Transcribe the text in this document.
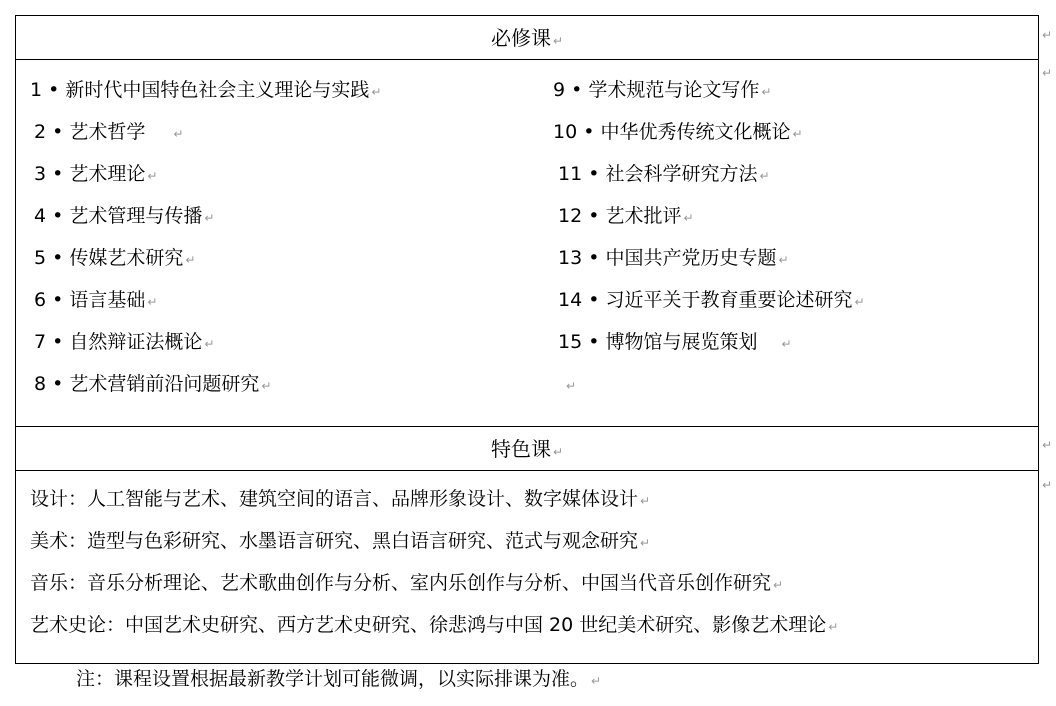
必修课 ↵
1 • 新时代中国特色社会主义理论与实践 ↵
2 • 艺术哲学 ↵
3 • 艺术理论 ↵
4 • 艺术管理与传播 ↵
5 • 传媒艺术研究 ↵
6 • 语言基础 ↵
7 • 自然辩证法概论 ↵
8 • 艺术营销前沿问题研究 ↵
9 • 学术规范与论文写作 ↵
10 • 中华优秀传统文化概论 ↵
11 • 社会科学研究方法 ↵
12 • 艺术批评 ↵
13 • 中国共产党历史专题 ↵
14 • 习近平关于教育重要论述研究 ↵
15 • 博物馆与展览策划 ↵
↵
特色课 ↵
设计：人工智能与艺术、建筑空间的语言、品牌形象设计、数字媒体设计 ↵
美术：造型与色彩研究、水墨语言研究、黑白语言研究、范式与观念研究 ↵
音乐：音乐分析理论、艺术歌曲创作与分析、室内乐创作与分析、中国当代音乐创作研究 ↵
艺术史论：中国艺术史研究、西方艺术史研究、徐悲鸿与中国 20 世纪美术研究、影像艺术理论 ↵
↵
↵
↵
↵
注：课程设置根据最新教学计划可能微调，以实际排课为准。 ↵
